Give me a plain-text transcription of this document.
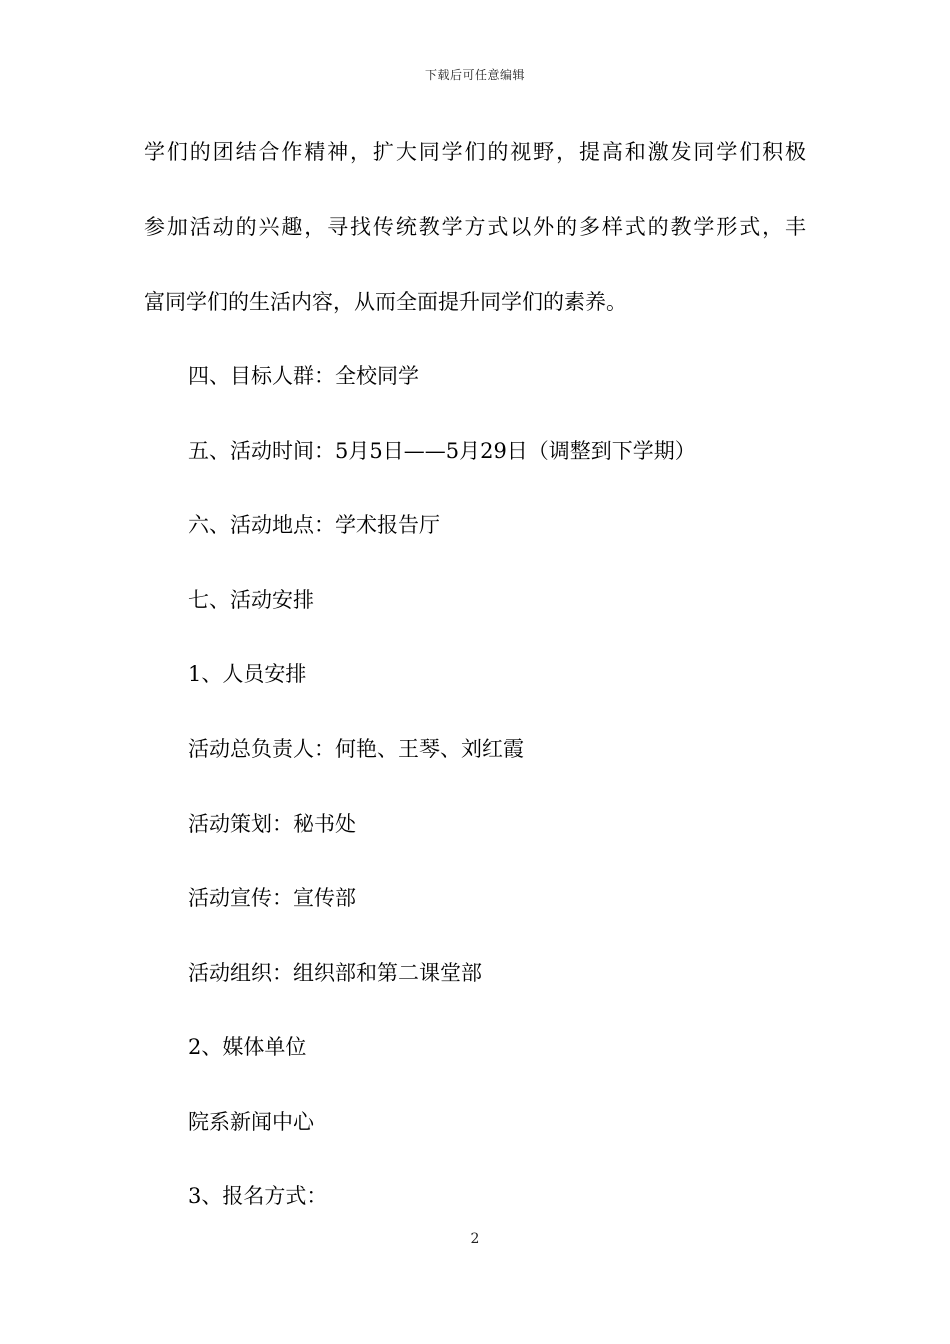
下载后可任意编辑
学们的团结合作精神，扩大同学们的视野，提高和激发同学们积极
参加活动的兴趣，寻找传统教学方式以外的多样式的教学形式，丰
富同学们的生活内容，从而全面提升同学们的素养。
四、目标人群：全校同学
五、活动时间：5月5日——5月29日（调整到下学期）
六、活动地点：学术报告厅
七、活动安排
1、人员安排
活动总负责人：何艳、王琴、刘红霞
活动策划：秘书处
活动宣传：宣传部
活动组织：组织部和第二课堂部
2、媒体单位
院系新闻中心
3、报名方式：
2
